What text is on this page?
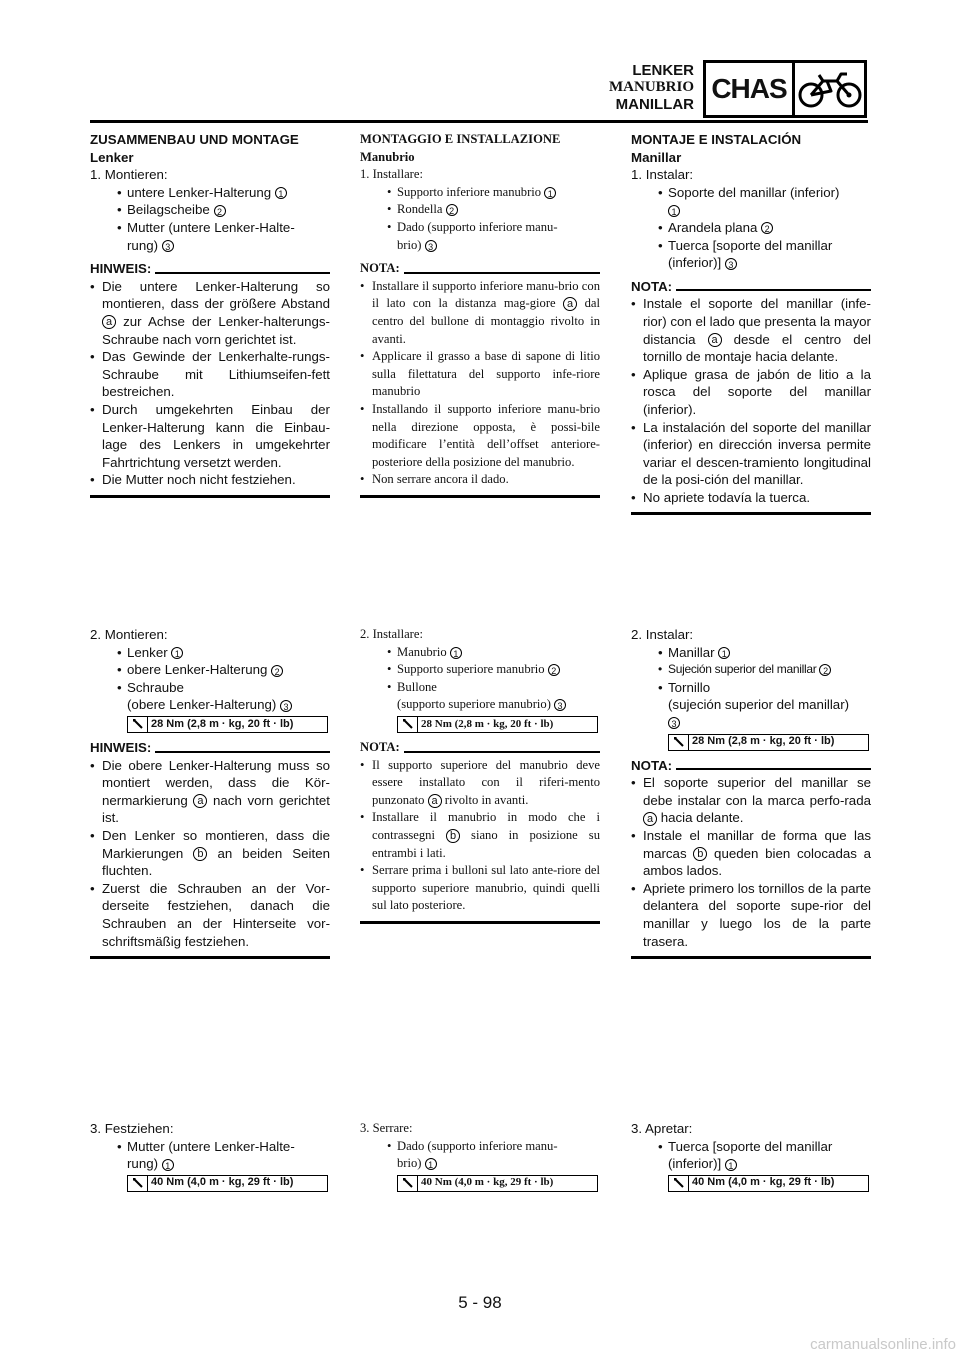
LENKER
MANUBRIO
MANILLAR
CHAS
ZUSAMMENBAU UND MONTAGE
Lenker
1. Montieren:
• untere Lenker-Halterung 1
• Beilagscheibe 2
• Mutter (untere Lenker-Halte-
rung) 3
HINWEIS:
• Die untere Lenker-Halterung so montieren, dass der größere Abstand a zur Achse der Lenker-halterungs-Schraube nach vorn gerichtet ist.
• Das Gewinde der Lenkerhalte-rungs-Schraube mit Lithiumseifen-fett bestreichen.
• Durch umgekehrten Einbau der Lenker-Halterung kann die Einbau-lage des Lenkers in umgekehrter Fahrtrichtung versetzt werden.
• Die Mutter noch nicht festziehen.
2. Montieren:
• Lenker 1
• obere Lenker-Halterung 2
• Schraube
(obere Lenker-Halterung) 3
28 Nm (2,8 m · kg, 20 ft · lb)
HINWEIS:
• Die obere Lenker-Halterung muss so montiert werden, dass die Kör-nermarkierung a nach vorn gerichtet ist.
• Den Lenker so montieren, dass die Markierungen b an beiden Seiten fluchten.
• Zuerst die Schrauben an der Vor-derseite festziehen, danach die Schrauben an der Hinterseite vor-schriftsmäßig festziehen.
3. Festziehen:
• Mutter (untere Lenker-Halte-
rung) 1
40 Nm (4,0 m · kg, 29 ft · lb)
MONTAGGIO E INSTALLAZIONE
Manubrio
1. Installare:
• Supporto inferiore manubrio 1
• Rondella 2
• Dado (supporto inferiore manu-
brio) 3
NOTA:
• Installare il supporto inferiore manu-brio con il lato con la distanza mag-giore a dal centro del bullone di montaggio rivolto in avanti.
• Applicare il grasso a base di sapone di litio sulla filettatura del supporto infe-riore manubrio
• Installando il supporto inferiore manu-brio nella direzione opposta, è possi-bile modificare l’entità dell’offset anteriore-posteriore della posizione del manubrio.
• Non serrare ancora il dado.
2. Installare:
• Manubrio 1
• Supporto superiore manubrio 2
• Bullone
(supporto superiore manubrio) 3
28 Nm (2,8 m · kg, 20 ft · lb)
NOTA:
• Il supporto superiore del manubrio deve essere installato con il riferi-mento punzonato a rivolto in avanti.
• Installare il manubrio in modo che i contrassegni b siano in posizione su entrambi i lati.
• Serrare prima i bulloni sul lato ante-riore del supporto superiore manubrio, quindi quelli sul lato posteriore.
3. Serrare:
• Dado (supporto inferiore manu-
brio) 1
40 Nm (4,0 m · kg, 29 ft · lb)
MONTAJE E INSTALACIÓN
Manillar
1. Instalar:
• Soporte del manillar (inferior)
1
• Arandela plana 2
• Tuerca [soporte del manillar
(inferior)] 3
NOTA:
• Instale el soporte del manillar (infe-rior) con el lado que presenta la mayor distancia a desde el centro del tornillo de montaje hacia delante.
• Aplique grasa de jabón de litio a la rosca del soporte del manillar (inferior).
• La instalación del soporte del manillar (inferior) en dirección inversa permite variar el descen-tramiento longitudinal de la posi-ción del manillar.
• No apriete todavía la tuerca.
2. Instalar:
• Manillar 1
• Sujeción superior del manillar 2
• Tornillo
(sujeción superior del manillar)
3
28 Nm (2,8 m · kg, 20 ft · lb)
NOTA:
• El soporte superior del manillar se debe instalar con la marca perfo-rada a hacia delante.
• Instale el manillar de forma que las marcas b queden bien colocadas a ambos lados.
• Apriete primero los tornillos de la parte delantera del soporte supe-rior del manillar y luego los de la parte trasera.
3. Apretar:
• Tuerca [soporte del manillar
(inferior)] 1
40 Nm (4,0 m · kg, 29 ft · lb)
5 - 98
carmanualsonline.info
